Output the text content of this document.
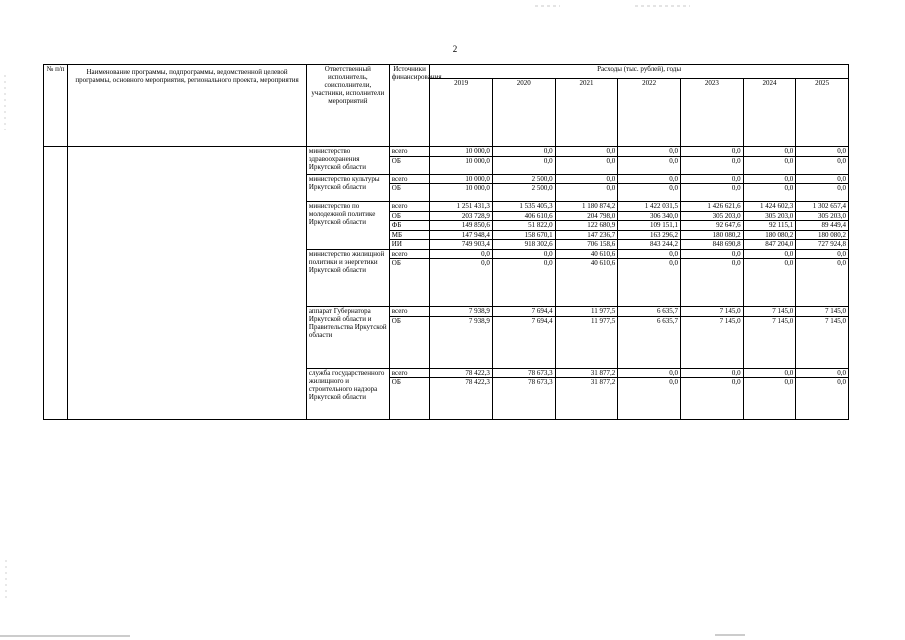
2
№ п/п	Наименование программы, подпрограммы, ведомственной целевой программы, основного мероприятия, регионального проекта, мероприятия	Ответственный исполнитель, соисполнители, участники, исполнители мероприятий	Источники финансирования	Расходы (тыс. рублей), годы						
				2019	2020	2021	2022	2023	2024	2025
		министерство здравоохранения Иркутской области	всего	10 000,0	0,0	0,0	0,0	0,0	0,0	0,0
			ОБ	10 000,0	0,0	0,0	0,0	0,0	0,0	0,0
		министерство культуры Иркутской области	всего	10 000,0	2 500,0	0,0	0,0	0,0	0,0	0,0
			ОБ	10 000,0	2 500,0	0,0	0,0	0,0	0,0	0,0
		министерство по молодежной политике Иркутской области	всего	1 251 431,3	1 535 405,3	1 180 874,2	1 422 031,5	1 426 621,6	1 424 602,3	1 302 657,4
			ОБ	203 728,9	406 610,6	204 798,0	306 340,0	305 203,0	305 203,0	305 203,0
			ФБ	149 850,6	51 822,0	122 680,9	109 151,1	92 647,6	92 115,1	89 449,4
			МБ	147 948,4	158 670,1	147 236,7	163 296,2	180 080,2	180 080,2	180 080,2
			ИИ	749 903,4	918 302,6	706 158,6	843 244,2	848 690,8	847 204,0	727 924,8
		министерство жилищной политики и энергетики Иркутской области	всего	0,0	0,0	40 610,6	0,0	0,0	0,0	0,0
			ОБ	0,0	0,0	40 610,6	0,0	0,0	0,0	0,0
		аппарат Губернатора Иркутской области и Правительства Иркутской области	всего	7 938,9	7 694,4	11 977,5	6 635,7	7 145,0	7 145,0	7 145,0
			ОБ	7 938,9	7 694,4	11 977,5	6 635,7	7 145,0	7 145,0	7 145,0
		служба государственного жилищного и строительного надзора Иркутской области	всего	78 422,3	78 673,3	31 877,2	0,0	0,0	0,0	0,0
			ОБ	78 422,3	78 673,3	31 877,2	0,0	0,0	0,0	0,0
